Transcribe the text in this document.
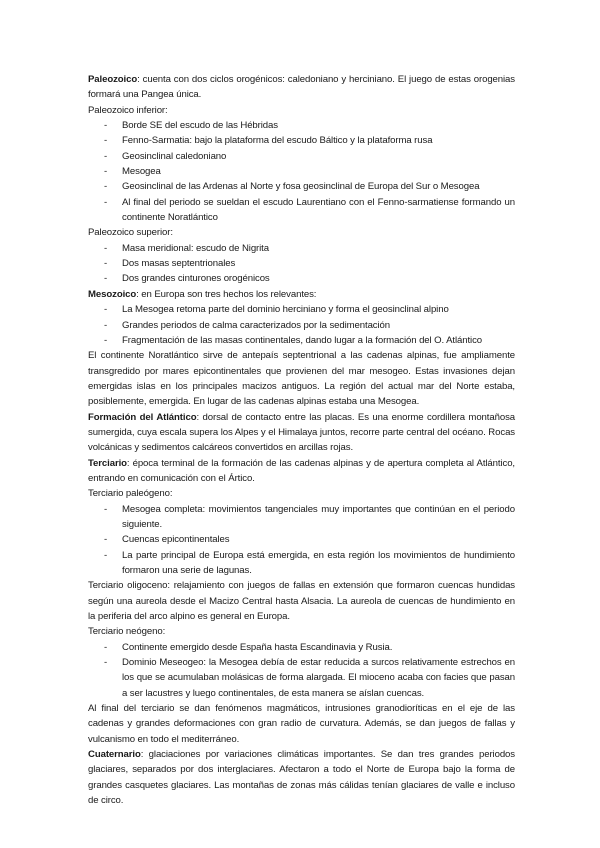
Paleozoico: cuenta con dos ciclos orogénicos: caledoniano y herciniano. El juego de estas orogenias formará una Pangea única.

Paleozoico inferior:

- Borde SE del escudo de las Hébridas
- Fenno-Sarmatia: bajo la plataforma del escudo Báltico y la plataforma rusa
- Geosinclinal caledoniano
- Mesogea
- Geosinclinal de las Ardenas al Norte y fosa geosinclinal de Europa del Sur o Mesogea
- Al final del periodo se sueldan el escudo Laurentiano con el Fenno-sarmatiense formando un continente Noratlántico

Paleozoico superior:

- Masa meridional: escudo de Nigrita
- Dos masas septentrionales
- Dos grandes cinturones orogénicos

Mesozoico: en Europa son tres hechos los relevantes:

- La Mesogea retoma parte del dominio herciniano y forma el geosinclinal alpino
- Grandes periodos de calma caracterizados por la sedimentación
- Fragmentación de las masas continentales, dando lugar a la formación del O. Atlántico

El continente Noratlántico sirve de antepaís septentrional a las cadenas alpinas, fue ampliamente transgredido por mares epicontinentales que provienen del mar mesogeo. Estas invasiones dejan emergidas islas en los principales macizos antiguos. La región del actual mar del Norte estaba, posiblemente, emergida. En lugar de las cadenas alpinas estaba una Mesogea.

Formación del Atlántico: dorsal de contacto entre las placas. Es una enorme cordillera montañosa sumergida, cuya escala supera los Alpes y el Himalaya juntos, recorre parte central del océano. Rocas volcánicas y sedimentos calcáreos convertidos en arcillas rojas.

Terciario: época terminal de la formación de las cadenas alpinas y de apertura completa al Atlántico, entrando en comunicación con el Ártico.

Terciario paleógeno:

- Mesogea completa: movimientos tangenciales muy importantes que continúan en el periodo siguiente.
- Cuencas epicontinentales
- La parte principal de Europa está emergida, en esta región los movimientos de hundimiento formaron una serie de lagunas.

Terciario oligoceno: relajamiento con juegos de fallas en extensión que formaron cuencas hundidas según una aureola desde el Macizo Central hasta Alsacia. La aureola de cuencas de hundimiento en la periferia del arco alpino es general en Europa.

Terciario neógeno:

- Continente emergido desde España hasta Escandinavia y Rusia.
- Dominio Meseogeo: la Mesogea debía de estar reducida a surcos relativamente estrechos en los que se acumulaban molásicas de forma alargada. El mioceno acaba con facies que pasan a ser lacustres y luego continentales, de esta manera se aíslan cuencas.

Al final del terciario se dan fenómenos magmáticos, intrusiones granodioríticas en el eje de las cadenas y grandes deformaciones con gran radio de curvatura. Además, se dan juegos de fallas y vulcanismo en todo el mediterráneo.

Cuaternario: glaciaciones por variaciones climáticas importantes. Se dan tres grandes periodos glaciares, separados por dos interglaciares. Afectaron a todo el Norte de Europa bajo la forma de grandes casquetes glaciares. Las montañas de zonas más cálidas tenían glaciares de valle e incluso de circo.
